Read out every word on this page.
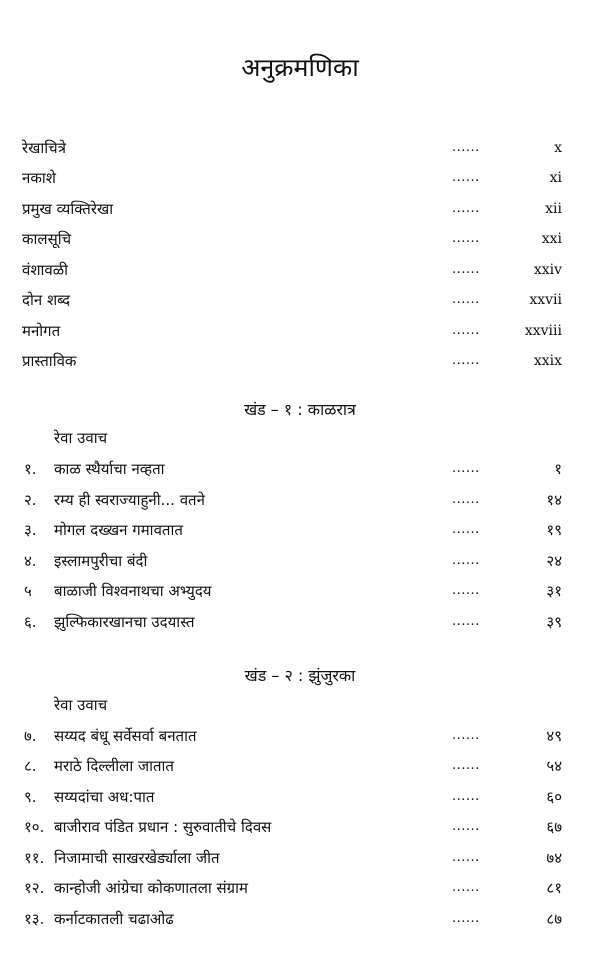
अनुक्रमणिका
रेखाचित्रे	......	x
नकाशे	......	xi
प्रमुख व्यक्तिरेखा	......	xii
कालसूचि	......	xxi
वंशावळी	......	xxiv
दोन शब्द	......	xxvii
मनोगत	......	xxviii
प्रास्ताविक	......	xxix
खंड – १ : काळरात्र
रेवा उवाच
१. काळ स्थैर्याचा नव्हता	......	१
२. रम्य ही स्वराज्याहुनी... वतने	......	१४
३. मोगल दख्खन गमावतात	......	१९
४. इस्लामपुरीचा बंदी	......	२४
५ बाळाजी विश्वनाथचा अभ्युदय	......	३१
६. झुल्फिकारखानचा उदयास्त	......	३९
खंड – २ : झुंजुरका
रेवा उवाच
७. सय्यद बंधू सर्वेसर्वा बनतात	......	४९
८. मराठे दिल्लीला जातात	......	५४
९. सय्यदांचा अध:पात	......	६०
१०. बाजीराव पंडित प्रधान : सुरुवातीचे दिवस	......	६७
११. निजामाची साखरखेर्ड्याला जीत	......	७४
१२. कान्होजी आंग्रेचा कोकणातला संग्राम	......	८१
१३. कर्नाटकातली चढाओढ	......	८७
